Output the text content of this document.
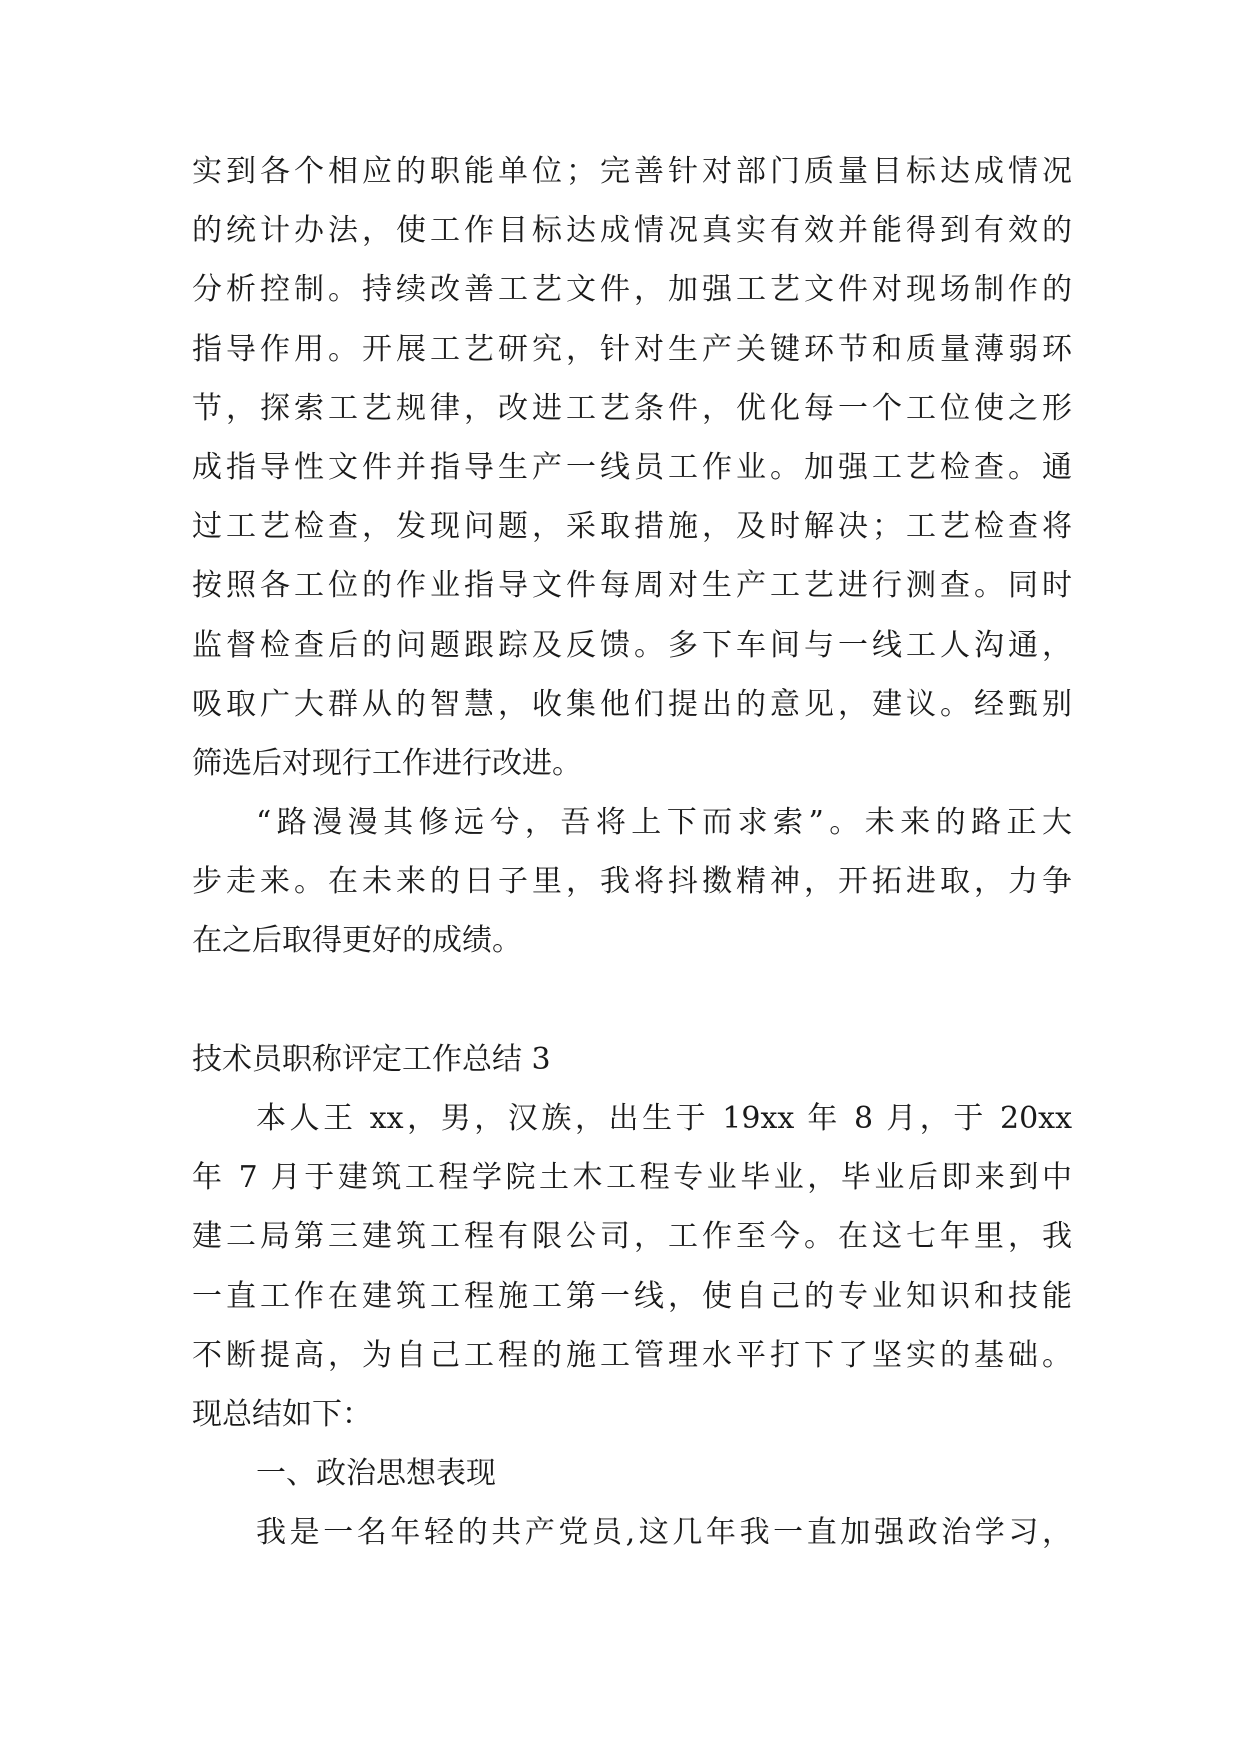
实到各个相应的职能单位；完善针对部门质量目标达成情况
的统计办法，使工作目标达成情况真实有效并能得到有效的
分析控制。持续改善工艺文件，加强工艺文件对现场制作的
指导作用。开展工艺研究，针对生产关键环节和质量薄弱环
节，探索工艺规律，改进工艺条件，优化每一个工位使之形
成指导性文件并指导生产一线员工作业。加强工艺检查。通
过工艺检查，发现问题，采取措施，及时解决；工艺检查将
按照各工位的作业指导文件每周对生产工艺进行测查。同时
监督检查后的问题跟踪及反馈。多下车间与一线工人沟通，
吸取广大群从的智慧，收集他们提出的意见，建议。经甄别
筛选后对现行工作进行改进。
“路漫漫其修远兮，吾将上下而求索”。未来的路正大
步走来。在未来的日子里，我将抖擞精神，开拓进取，力争
在之后取得更好的成绩。
技术员职称评定工作总结 3
本人王 xx，男，汉族，出生于 19xx 年 8 月，于 20xx
年 7 月于建筑工程学院土木工程专业毕业，毕业后即来到中
建二局第三建筑工程有限公司，工作至今。在这七年里，我
一直工作在建筑工程施工第一线，使自己的专业知识和技能
不断提高，为自己工程的施工管理水平打下了坚实的基础。
现总结如下：
一、政治思想表现
我是一名年轻的共产党员,这几年我一直加强政治学习，
